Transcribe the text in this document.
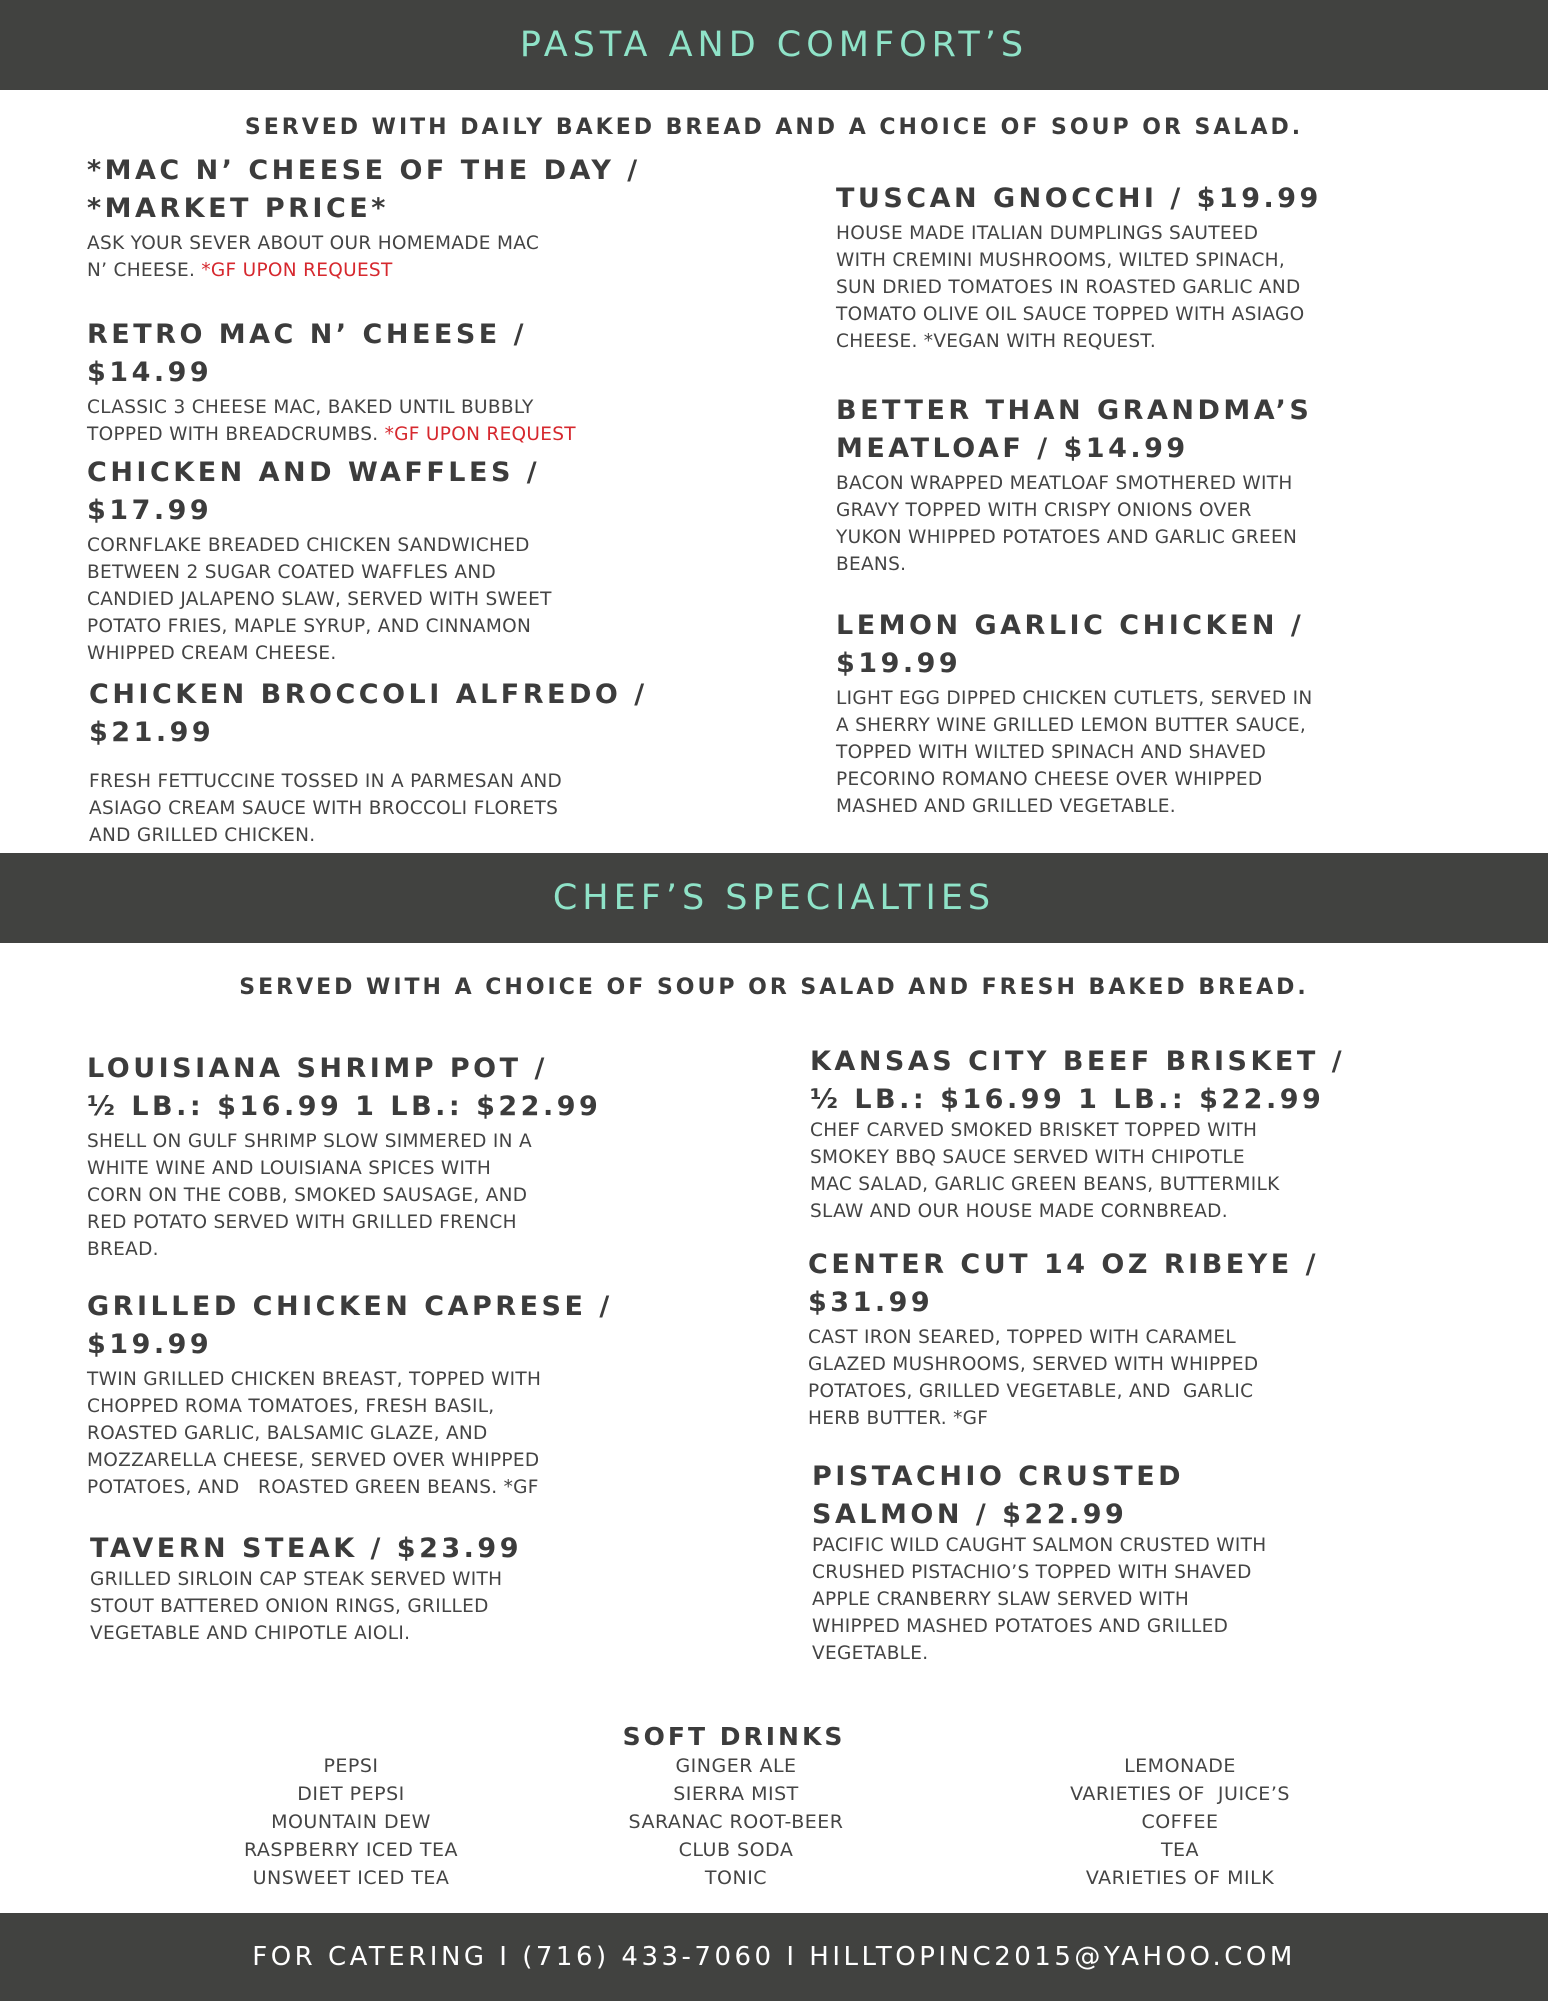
PASTA AND COMFORT’S
SERVED WITH DAILY BAKED BREAD AND A CHOICE OF SOUP OR SALAD.
*MAC N’ CHEESE OF THE DAY /
*MARKET PRICE*
ASK YOUR SEVER ABOUT OUR HOMEMADE MAC
N’ CHEESE. *GF UPON REQUEST
RETRO MAC N’ CHEESE /
$14.99
CLASSIC 3 CHEESE MAC, BAKED UNTIL BUBBLY
TOPPED WITH BREADCRUMBS. *GF UPON REQUEST
CHICKEN AND WAFFLES /
$17.99
CORNFLAKE BREADED CHICKEN SANDWICHED
BETWEEN 2 SUGAR COATED WAFFLES AND
CANDIED JALAPENO SLAW, SERVED WITH SWEET
POTATO FRIES, MAPLE SYRUP, AND CINNAMON
WHIPPED CREAM CHEESE.
CHICKEN BROCCOLI ALFREDO /
$21.99
FRESH FETTUCCINE TOSSED IN A PARMESAN AND
ASIAGO CREAM SAUCE WITH BROCCOLI FLORETS
AND GRILLED CHICKEN.
TUSCAN GNOCCHI / $19.99
HOUSE MADE ITALIAN DUMPLINGS SAUTEED
WITH CREMINI MUSHROOMS, WILTED SPINACH,
SUN DRIED TOMATOES IN ROASTED GARLIC AND
TOMATO OLIVE OIL SAUCE TOPPED WITH ASIAGO
CHEESE. *VEGAN WITH REQUEST.
BETTER THAN GRANDMA’S
MEATLOAF / $14.99
BACON WRAPPED MEATLOAF SMOTHERED WITH
GRAVY TOPPED WITH CRISPY ONIONS OVER
YUKON WHIPPED POTATOES AND GARLIC GREEN
BEANS.
LEMON GARLIC CHICKEN /
$19.99
LIGHT EGG DIPPED CHICKEN CUTLETS, SERVED IN
A SHERRY WINE GRILLED LEMON BUTTER SAUCE,
TOPPED WITH WILTED SPINACH AND SHAVED
PECORINO ROMANO CHEESE OVER WHIPPED
MASHED AND GRILLED VEGETABLE.
CHEF’S SPECIALTIES
SERVED WITH A CHOICE OF SOUP OR SALAD AND FRESH BAKED BREAD.
LOUISIANA SHRIMP POT /
½ LB.: $16.99 1 LB.: $22.99
SHELL ON GULF SHRIMP SLOW SIMMERED IN A
WHITE WINE AND LOUISIANA SPICES WITH
CORN ON THE COBB, SMOKED SAUSAGE, AND
RED POTATO SERVED WITH GRILLED FRENCH
BREAD.
GRILLED CHICKEN CAPRESE /
$19.99
TWIN GRILLED CHICKEN BREAST, TOPPED WITH
CHOPPED ROMA TOMATOES, FRESH BASIL,
ROASTED GARLIC, BALSAMIC GLAZE, AND
MOZZARELLA CHEESE, SERVED OVER WHIPPED
POTATOES, AND   ROASTED GREEN BEANS. *GF
TAVERN STEAK / $23.99
GRILLED SIRLOIN CAP STEAK SERVED WITH
STOUT BATTERED ONION RINGS, GRILLED
VEGETABLE AND CHIPOTLE AIOLI.
KANSAS CITY BEEF BRISKET /
½ LB.: $16.99 1 LB.: $22.99
CHEF CARVED SMOKED BRISKET TOPPED WITH
SMOKEY BBQ SAUCE SERVED WITH CHIPOTLE
MAC SALAD, GARLIC GREEN BEANS, BUTTERMILK
SLAW AND OUR HOUSE MADE CORNBREAD.
CENTER CUT 14 OZ RIBEYE /
$31.99
CAST IRON SEARED, TOPPED WITH CARAMEL
GLAZED MUSHROOMS, SERVED WITH WHIPPED
POTATOES, GRILLED VEGETABLE, AND  GARLIC
HERB BUTTER. *GF
PISTACHIO CRUSTED
SALMON / $22.99
PACIFIC WILD CAUGHT SALMON CRUSTED WITH
CRUSHED PISTACHIO’S TOPPED WITH SHAVED
APPLE CRANBERRY SLAW SERVED WITH
WHIPPED MASHED POTATOES AND GRILLED
VEGETABLE.
SOFT DRINKS
PEPSI
DIET PEPSI
MOUNTAIN DEW
RASPBERRY ICED TEA
UNSWEET ICED TEA
GINGER ALE
SIERRA MIST
SARANAC ROOT-BEER
CLUB SODA
TONIC
LEMONADE
VARIETIES OF  JUICE’S
COFFEE
TEA
VARIETIES OF MILK
FOR CATERING I (716) 433-7060 I HILLTOPINC2015@YAHOO.COM
